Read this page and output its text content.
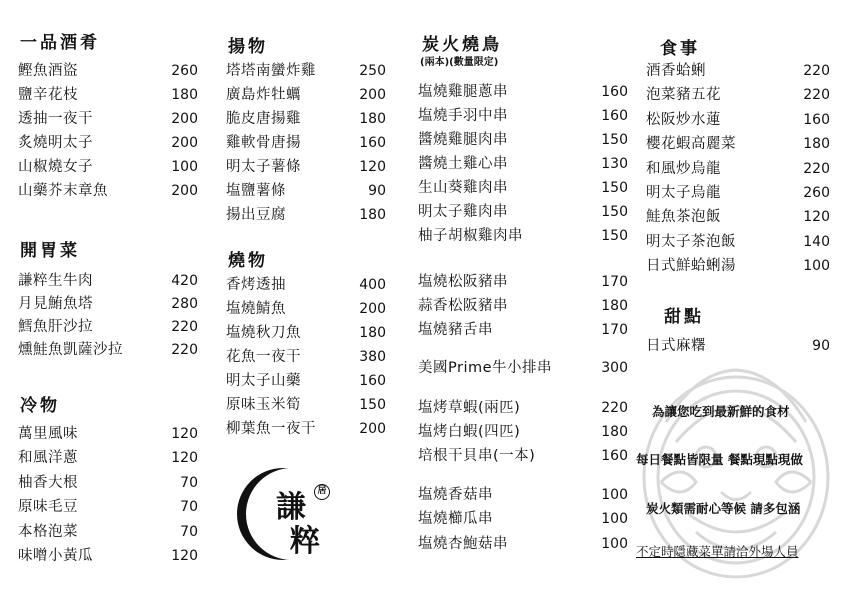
一品酒肴
鰹魚酒盜	260
鹽辛花枝	180
透抽一夜干	200
炙燒明太子	200
山椒燒女子	100
山藥芥末章魚	200
開胃菜
謙粹生牛肉	420
月見鮪魚塔	280
鱈魚肝沙拉	220
燻鮭魚凱薩沙拉	220
冷物
萬里風味	120
和風洋蔥	120
柚香大根	70
原味毛豆	70
本格泡菜	70
味噌小黃瓜	120
揚物
塔塔南蠻炸雞	250
廣島炸牡蠣	200
脆皮唐揚雞	180
雞軟骨唐揚	160
明太子薯條	120
塩鹽薯條	90
揚出豆腐	180
燒物
香烤透抽	400
塩燒鯖魚	200
塩燒秋刀魚	180
花魚一夜干	380
明太子山藥	160
原味玉米筍	150
柳葉魚一夜干	200
謙
粹
居
炭火燒鳥
(兩本)(數量限定)
塩燒雞腿蔥串	160
塩燒手羽中串	160
醬燒雞腿肉串	150
醬燒土雞心串	130
生山葵雞肉串	150
明太子雞肉串	150
柚子胡椒雞肉串	150
塩燒松阪豬串	170
蒜香松阪豬串	180
塩燒豬舌串	170
美國Prime牛小排串	300
塩烤草蝦(兩匹)	220
塩烤白蝦(四匹)	180
培根干貝串(一本)	160
塩燒香菇串	100
塩燒櫛瓜串	100
塩燒杏鮑菇串	100
食事
酒香蛤蜊	220
泡菜豬五花	220
松阪炒水蓮	160
櫻花蝦高麗菜	180
和風炒烏龍	220
明太子烏龍	260
鮭魚茶泡飯	120
明太子茶泡飯	140
日式鮮蛤蜊湯	100
甜點
日式麻糬	90
為讓您吃到最新鮮的食材
每日餐點皆限量 餐點現點現做
炭火類需耐心等候 請多包涵
不定時隱藏菜單請洽外場人員
